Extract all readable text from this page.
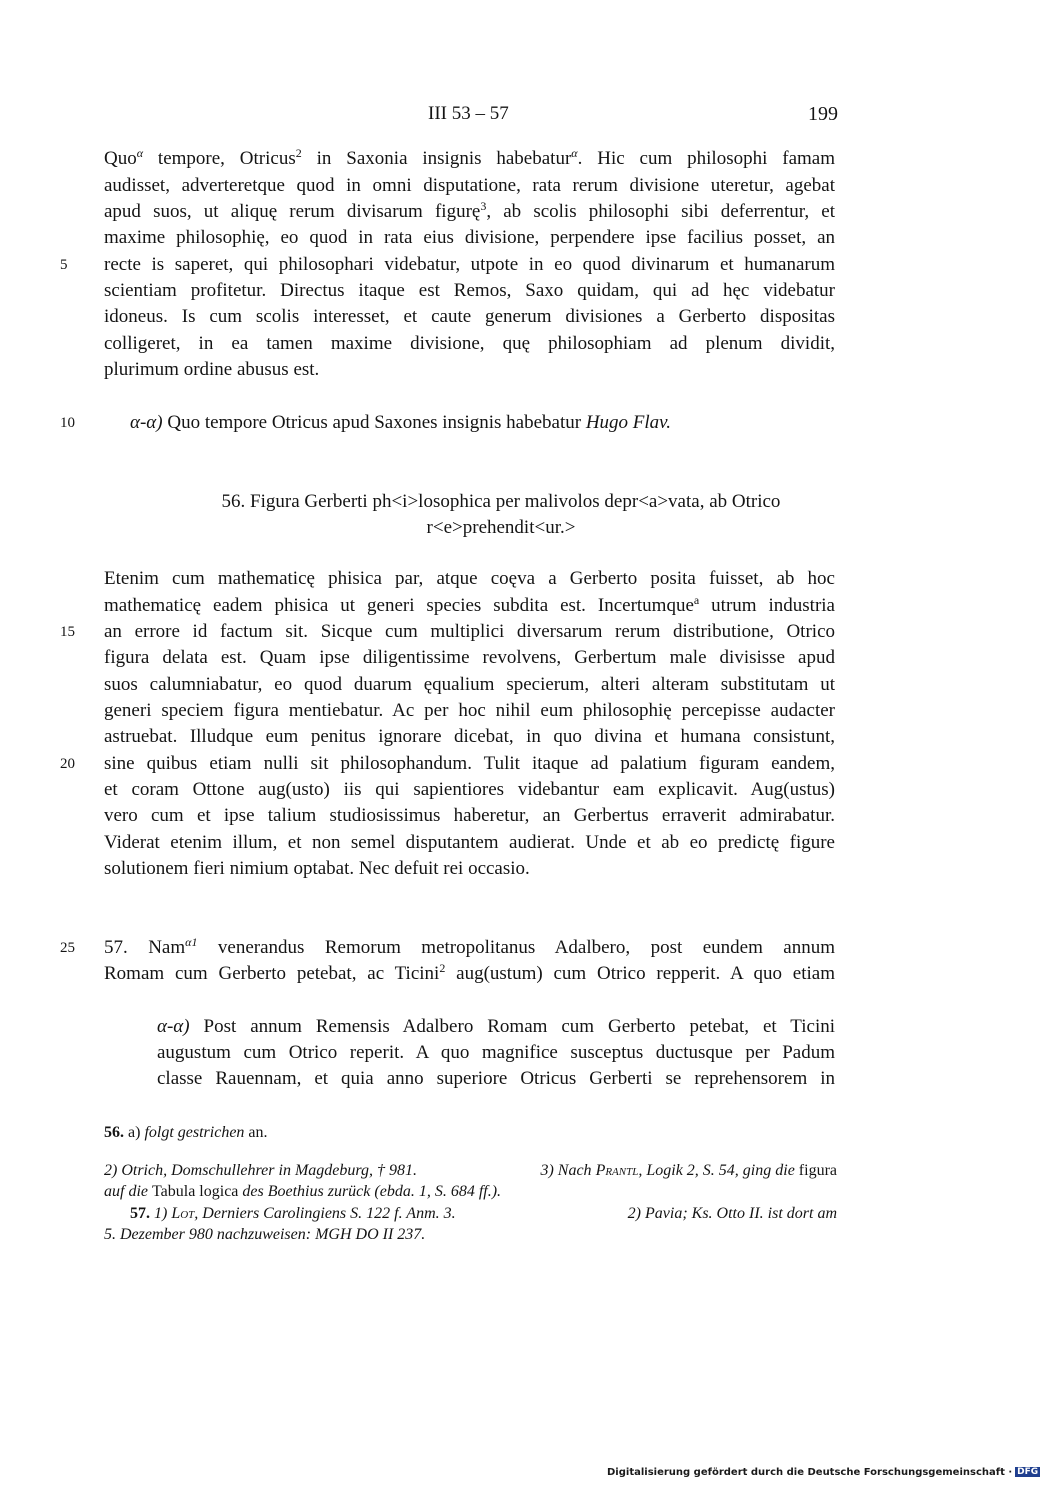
III 53 – 57	199
Quo$^\alpha$ tempore, Otricus$^2$ in Saxonia insignis habebatur$^\alpha$. Hic cum philosophi famam
audisset, adverteretque quod in omni disputatione, rata rerum divisione uteretur, agebat
apud suos, ut aliquę rerum divisarum figurę$^3$, ab scolis philosophi sibi deferrentur, et
maxime philosophię, eo quod in rata eius divisione, perpendere ipse facilius posset, an
5	recte is saperet, qui philosophari videbatur, utpote in eo quod divinarum et humanarum
scientiam profitetur. Directus itaque est Remos, Saxo quidam, qui ad hęc videbatur
idoneus. Is cum scolis interesset, et caute generum divisiones a Gerberto dispositas
colligeret, in ea tamen maxime divisione, quę philosophiam ad plenum dividit,
plurimum ordine abusus est.
10	α-α) Quo tempore Otricus apud Saxones insignis habebatur Hugo Flav.
56. Figura Gerberti ph<i>losophica per malivolos depr<a>vata, ab Otrico
r<e>prehendit<ur.>
Etenim cum mathematicę phisica par, atque coęva a Gerberto posita fuisset, ab hoc
mathematicę eadem phisica ut generi species subdita est. Incertumque$^a$ utrum industria
15	an errore id factum sit. Sicque cum multiplici diversarum rerum distributione, Otrico
figura delata est. Quam ipse diligentissime revolvens, Gerbertum male divisisse apud
suos calumniabatur, eo quod duarum ęqualium specierum, alteri alteram substitutam ut
generi speciem figura mentiebatur. Ac per hoc nihil eum philosophię percepisse audacter
astruebat. Illudque eum penitus ignorare dicebat, in quo divina et humana consistunt,
20	sine quibus etiam nulli sit philosophandum. Tulit itaque ad palatium figuram eandem,
et coram Ottone aug(usto) iis qui sapientiores videbantur eam explicavit. Aug(ustus)
vero cum et ipse talium studiosissimus haberetur, an Gerbertus erraverit admirabatur.
Viderat etenim illum, et non semel disputantem audierat. Unde et ab eo predictę figure
solutionem fieri nimium optabat. Nec defuit rei occasio.
25	57. Nam$^{\alpha 1}$ venerandus Remorum metropolitanus Adalbero, post eundem annum
Romam cum Gerberto petebat, ac Ticini$^2$ aug(ustum) cum Otrico repperit. A quo etiam
α-α) Post annum Remensis Adalbero Romam cum Gerberto petebat, et Ticini
augustum cum Otrico reperit. A quo magnifice susceptus ductusque per Padum
classe Rauennam, et quia anno superiore Otricus Gerberti se reprehensorem in
56. a) folgt gestrichen an.
2) Otrich, Domschullehrer in Magdeburg, † 981.	3) Nach Prantl, Logik 2, S. 54, ging die figura
auf die Tabula logica des Boethius zurück (ebda. 1, S. 684 ff.).
57. 1) Lot, Derniers Carolingiens S. 122 f. Anm. 3.	2) Pavia; Ks. Otto II. ist dort am
5. Dezember 980 nachzuweisen: MGH DO II 237.
Digitalisierung gefördert durch die Deutsche Forschungsgemeinschaft · DFG
